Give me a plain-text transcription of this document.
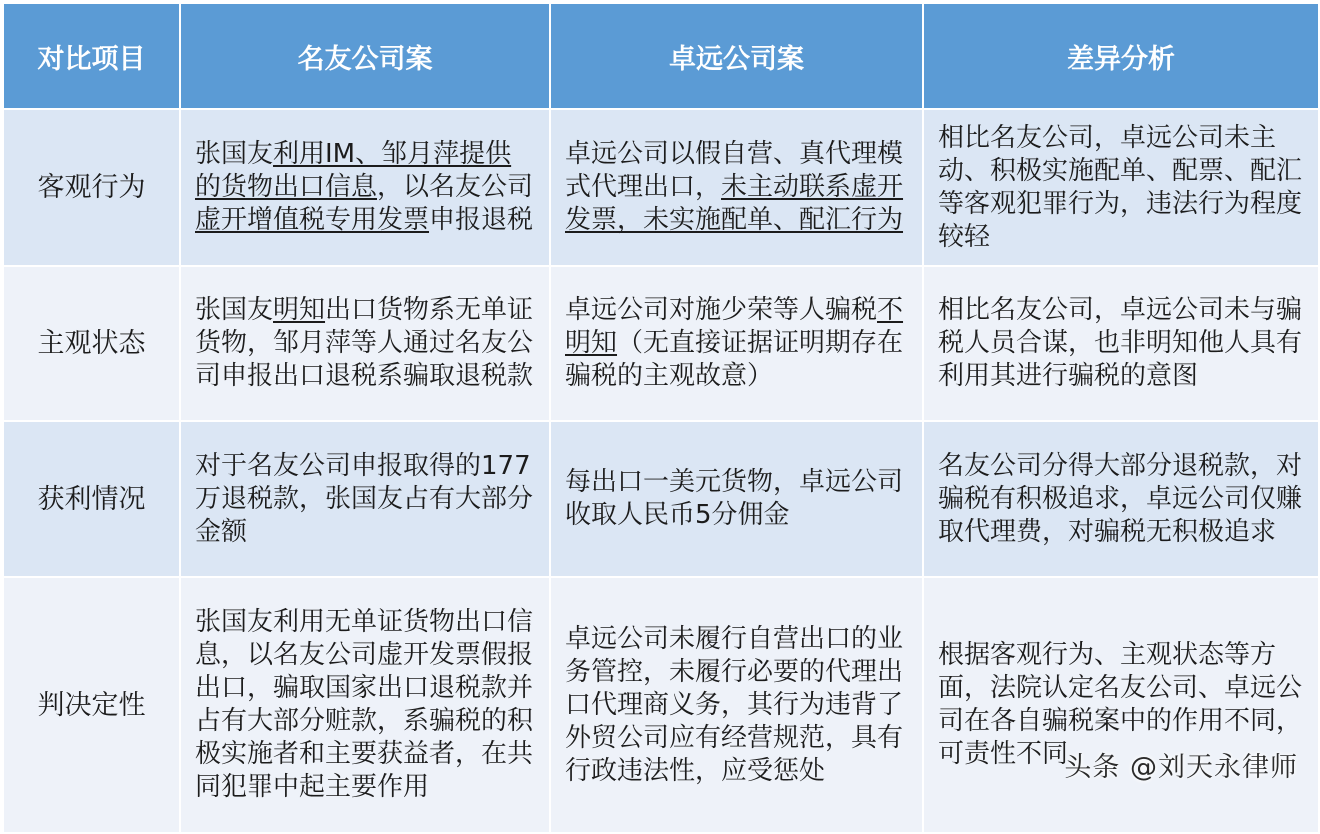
对比项目	名友公司案	卓远公司案	差异分析
客观行为	张国友利用IM、邹月萍提供的货物出口信息，以名友公司虚开增值税专用发票申报退税	卓远公司以假自营、真代理模式代理出口，未主动联系虚开发票，未实施配单、配汇行为	相比名友公司，卓远公司未主动、积极实施配单、配票、配汇等客观犯罪行为，违法行为程度较轻
主观状态	张国友明知出口货物系无单证货物，邹月萍等人通过名友公司申报出口退税系骗取退税款	卓远公司对施少荣等人骗税不明知（无直接证据证明期存在骗税的主观故意）	相比名友公司，卓远公司未与骗税人员合谋，也非明知他人具有利用其进行骗税的意图
获利情况	对于名友公司申报取得的177万退税款，张国友占有大部分金额	每出口一美元货物，卓远公司收取人民币5分佣金	名友公司分得大部分退税款，对骗税有积极追求，卓远公司仅赚取代理费，对骗税无积极追求
判决定性	张国友利用无单证货物出口信息，以名友公司虚开发票假报出口，骗取国家出口退税款并占有大部分赃款，系骗税的积极实施者和主要获益者，在共同犯罪中起主要作用	卓远公司未履行自营出口的业务管控，未履行必要的代理出口代理商义务，其行为违背了外贸公司应有经营规范，具有行政违法性，应受惩处	根据客观行为、主观状态等方面，法院认定名友公司、卓远公司在各自骗税案中的作用不同，可责性不同
头条 @刘天永律师
